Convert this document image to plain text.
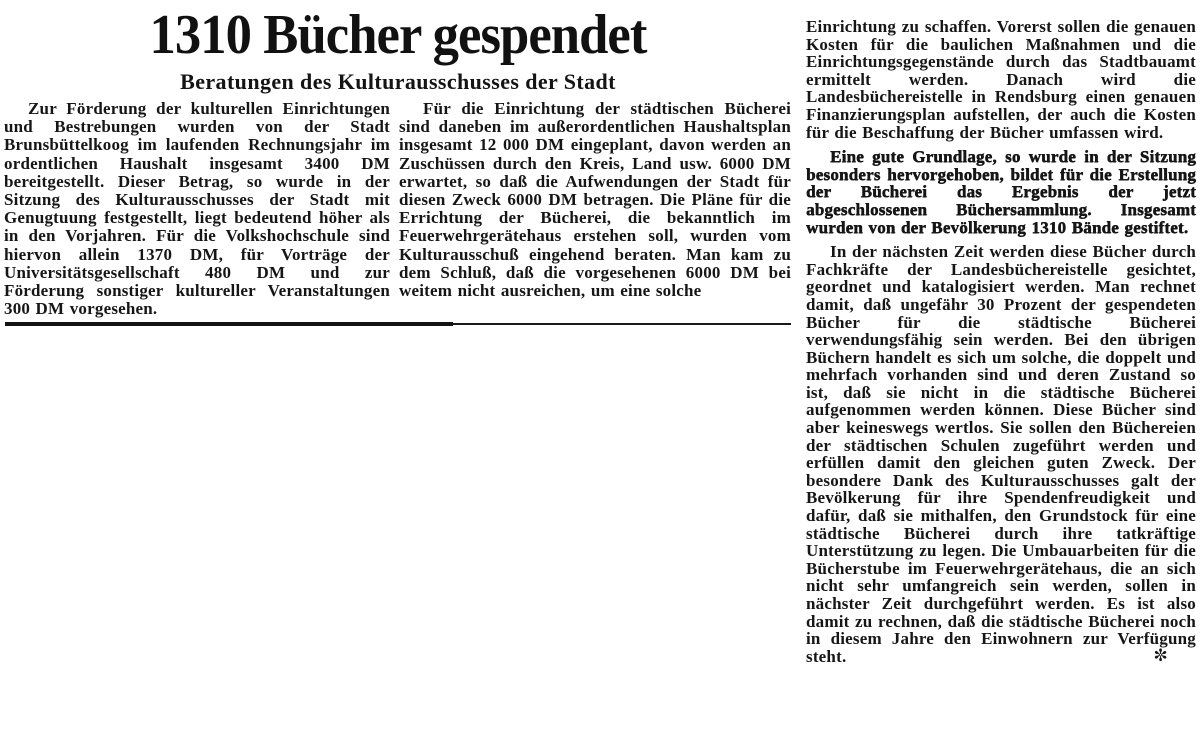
1310 Bücher gespendet
Beratungen des Kulturausschusses der Stadt

Zur Förderung der kulturellen Einrichtungen und Bestrebungen wurden von der Stadt Brunsbüttelkoog im laufenden Rechnungsjahr im ordentlichen Haushalt insgesamt 3400 DM bereitgestellt. Dieser Betrag, so wurde in der Sitzung des Kulturausschusses der Stadt mit Genugtuung festgestellt, liegt bedeutend höher als in den Vorjahren. Für die Volkshochschule sind hiervon allein 1370 DM, für Vorträge der Universitätsgesellschaft 480 DM und zur Förderung sonstiger kultureller Veranstaltungen 300 DM vorgesehen.

Für die Einrichtung der städtischen Bücherei sind daneben im außerordentlichen Haushaltsplan insgesamt 12 000 DM eingeplant, davon werden an Zuschüssen durch den Kreis, Land usw. 6000 DM erwartet, so daß die Aufwendungen der Stadt für diesen Zweck 6000 DM betragen. Die Pläne für die Errichtung der Bücherei, die bekanntlich im Feuerwehrgerätehaus erstehen soll, wurden vom Kulturausschuß eingehend beraten. Man kam zu dem Schluß, daß die vorgesehenen 6000 DM bei weitem nicht ausreichen, um eine solche

Einrichtung zu schaffen. Vorerst sollen die genauen Kosten für die baulichen Maßnahmen und die Einrichtungsgegenstände durch das Stadtbauamt ermittelt werden. Danach wird die Landesbüchereistelle in Rendsburg einen genauen Finanzierungsplan aufstellen, der auch die Kosten für die Beschaffung der Bücher umfassen wird.

Eine gute Grundlage, so wurde in der Sitzung besonders hervorgehoben, bildet für die Erstellung der Bücherei das Ergebnis der jetzt abgeschlossenen Büchersammlung. Insgesamt wurden von der Bevölkerung 1310 Bände gestiftet.

In der nächsten Zeit werden diese Bücher durch Fachkräfte der Landesbüchereistelle gesichtet, geordnet und katalogisiert werden. Man rechnet damit, daß ungefähr 30 Prozent der gespendeten Bücher für die städtische Bücherei verwendungsfähig sein werden. Bei den übrigen Büchern handelt es sich um solche, die doppelt und mehrfach vorhanden sind und deren Zustand so ist, daß sie nicht in die städtische Bücherei aufgenommen werden können. Diese Bücher sind aber keineswegs wertlos. Sie sollen den Büchereien der städtischen Schulen zugeführt werden und erfüllen damit den gleichen guten Zweck. Der besondere Dank des Kulturausschusses galt der Bevölkerung für ihre Spendenfreudigkeit und dafür, daß sie mithalfen, den Grundstock für eine städtische Bücherei durch ihre tatkräftige Unterstützung zu legen. Die Umbauarbeiten für die Bücherstube im Feuerwehrgerätehaus, die an sich nicht sehr umfangreich sein werden, sollen in nächster Zeit durchgeführt werden. Es ist also damit zu rechnen, daß die städtische Bücherei noch in diesem Jahre den Einwohnern zur Verfügung steht.	✼
